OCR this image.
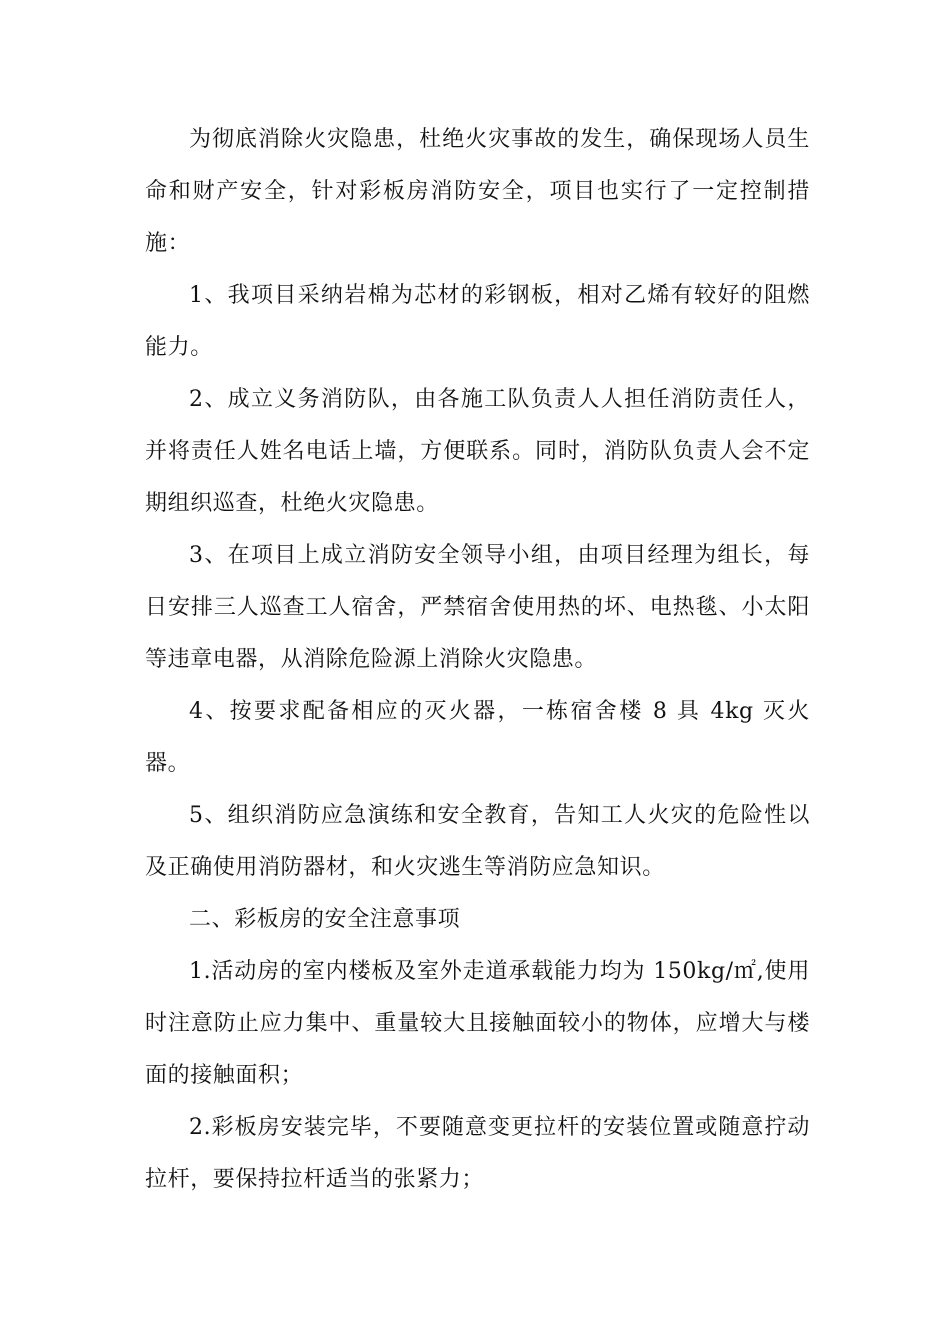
为彻底消除火灾隐患，杜绝火灾事故的发生，确保现场人员生命和财产安全，针对彩板房消防安全，项目也实行了一定控制措施：

1、我项目采纳岩棉为芯材的彩钢板，相对乙烯有较好的阻燃能力。

2、成立义务消防队，由各施工队负责人人担任消防责任人，并将责任人姓名电话上墙，方便联系。同时，消防队负责人会不定期组织巡查，杜绝火灾隐患。

3、在项目上成立消防安全领导小组，由项目经理为组长，每日安排三人巡查工人宿舍，严禁宿舍使用热的坏、电热毯、小太阳等违章电器，从消除危险源上消除火灾隐患。

4、按要求配备相应的灭火器，一栋宿舍楼 8 具 4kg 灭火器。

5、组织消防应急演练和安全教育，告知工人火灾的危险性以及正确使用消防器材，和火灾逃生等消防应急知识。

二、彩板房的安全注意事项

1.活动房的室内楼板及室外走道承载能力均为 150kg/㎡,使用时注意防止应力集中、重量较大且接触面较小的物体，应增大与楼面的接触面积；

2.彩板房安装完毕，不要随意变更拉杆的安装位置或随意拧动拉杆，要保持拉杆适当的张紧力；
